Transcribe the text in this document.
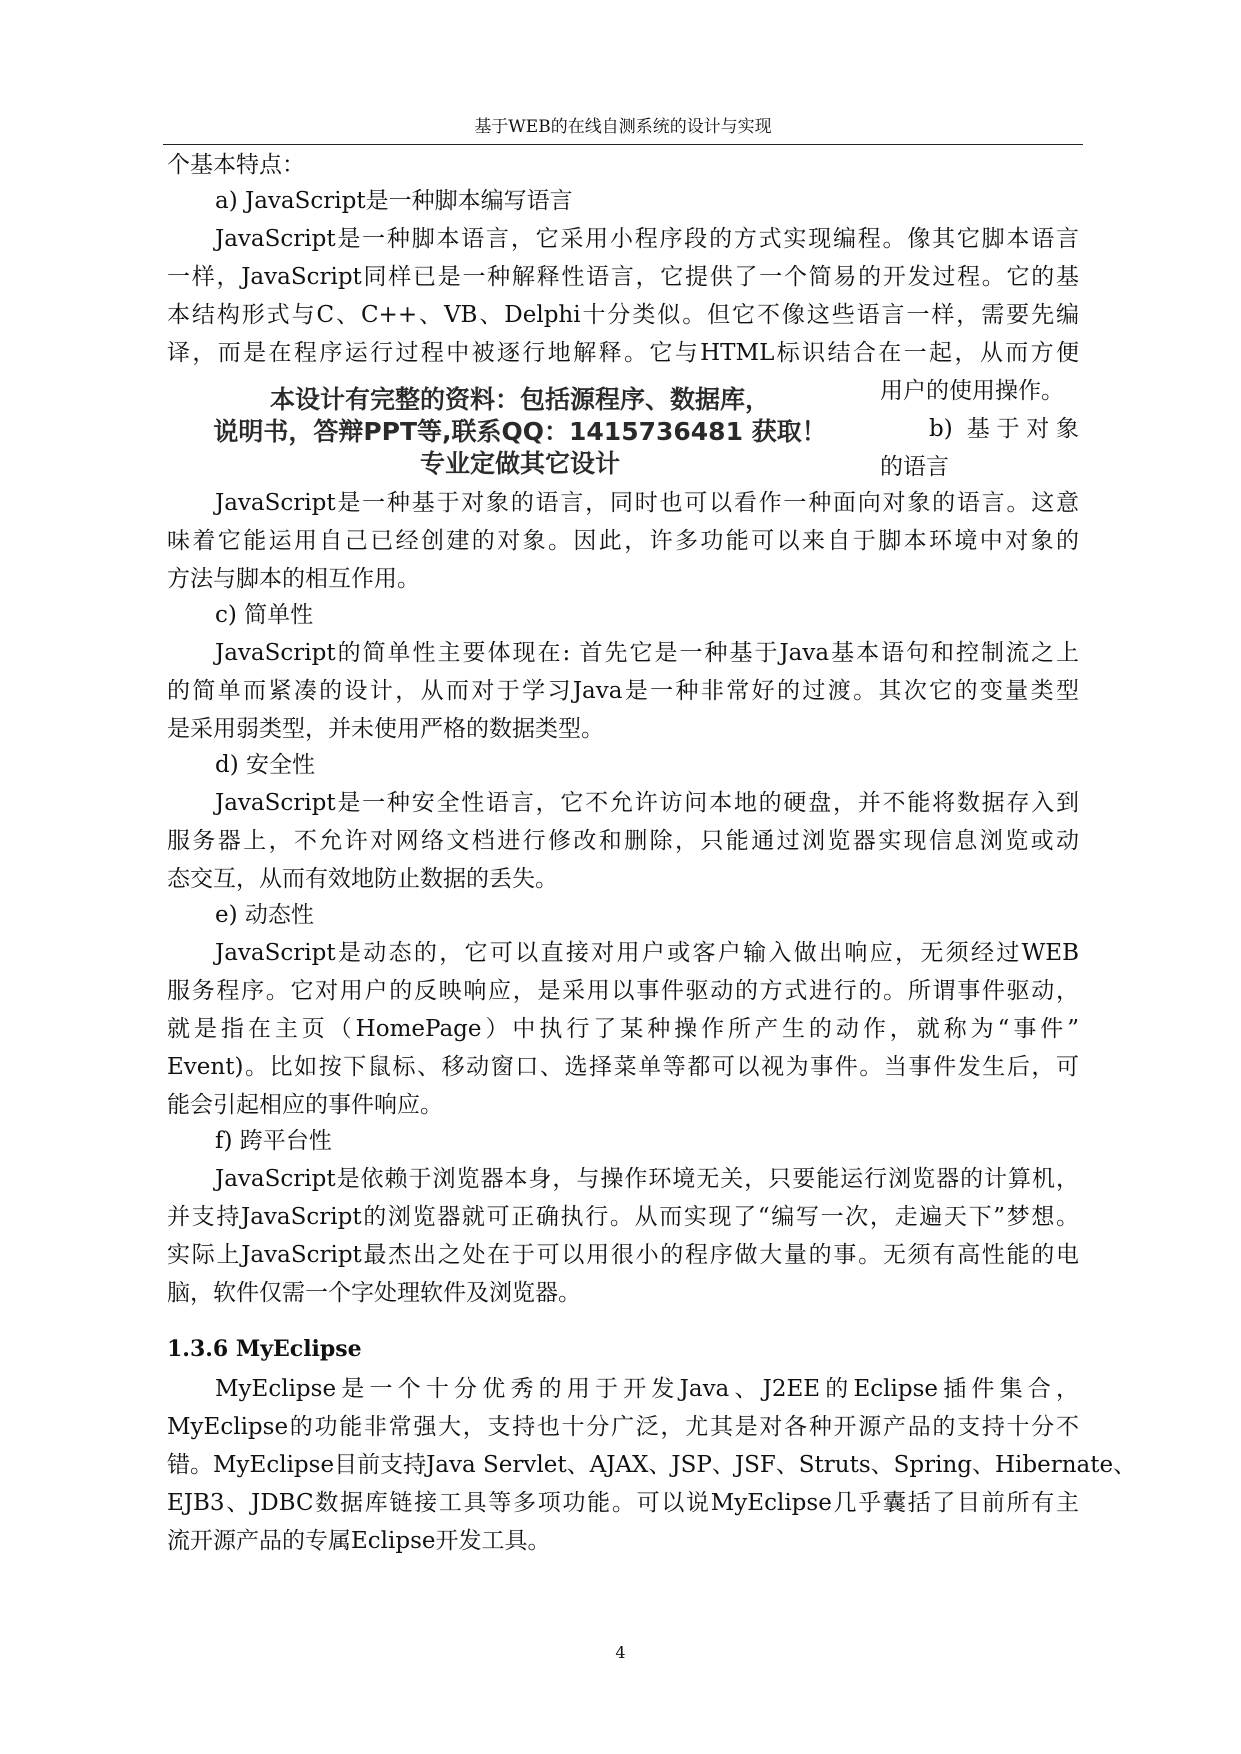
基于WEB的在线自测系统的设计与实现
个基本特点：
a) JavaScript是一种脚本编写语言
JavaScript是一种脚本语言，它采用小程序段的方式实现编程。像其它脚本语言
一样，JavaScript同样已是一种解释性语言，它提供了一个简易的开发过程。它的基
本结构形式与C、C++、VB、Delphi十分类似。但它不像这些语言一样，需要先编
译，而是在程序运行过程中被逐行地解释。它与HTML标识结合在一起，从而方便
用户的使用操作。
b) 基于对象
的语言
本设计有完整的资料：包括源程序、数据库，
说明书，答辩PPT等,联系QQ：1415736481 获取！
专业定做其它设计
JavaScript是一种基于对象的语言，同时也可以看作一种面向对象的语言。这意
味着它能运用自己已经创建的对象。因此，许多功能可以来自于脚本环境中对象的
方法与脚本的相互作用。
c) 简单性
JavaScript的简单性主要体现在: 首先它是一种基于Java基本语句和控制流之上
的简单而紧凑的设计，从而对于学习Java是一种非常好的过渡。其次它的变量类型
是采用弱类型，并未使用严格的数据类型。
d) 安全性
JavaScript是一种安全性语言，它不允许访问本地的硬盘，并不能将数据存入到
服务器上，不允许对网络文档进行修改和删除，只能通过浏览器实现信息浏览或动
态交互，从而有效地防止数据的丢失。
e) 动态性
JavaScript是动态的，它可以直接对用户或客户输入做出响应，无须经过WEB
服务程序。它对用户的反映响应，是采用以事件驱动的方式进行的。所谓事件驱动，
就是指在主页（HomePage）中执行了某种操作所产生的动作，就称为“事件”
Event)。比如按下鼠标、移动窗口、选择菜单等都可以视为事件。当事件发生后，可
能会引起相应的事件响应。
f) 跨平台性
JavaScript是依赖于浏览器本身，与操作环境无关，只要能运行浏览器的计算机，
并支持JavaScript的浏览器就可正确执行。从而实现了“编写一次，走遍天下”梦想。
实际上JavaScript最杰出之处在于可以用很小的程序做大量的事。无须有高性能的电
脑，软件仅需一个字处理软件及浏览器。
1.3.6 MyEclipse
MyEclipse是一个十分优秀的用于开发Java、J2EE的Eclipse插件集合，
MyEclipse的功能非常强大，支持也十分广泛，尤其是对各种开源产品的支持十分不
错。MyEclipse目前支持Java Servlet、AJAX、JSP、JSF、Struts、Spring、Hibernate、
EJB3、JDBC数据库链接工具等多项功能。可以说MyEclipse几乎囊括了目前所有主
流开源产品的专属Eclipse开发工具。
4
